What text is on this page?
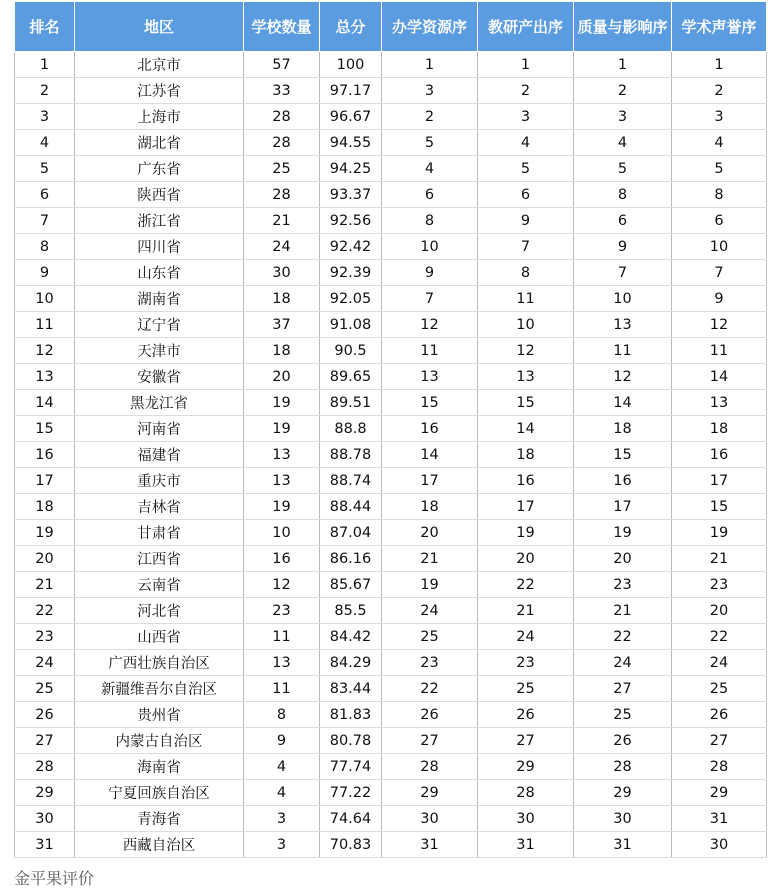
排名	地区	学校数量	总分	办学资源序	教研产出序	质量与影响序	学术声誉序
1	北京市	57	100	1	1	1	1
2	江苏省	33	97.17	3	2	2	2
3	上海市	28	96.67	2	3	3	3
4	湖北省	28	94.55	5	4	4	4
5	广东省	25	94.25	4	5	5	5
6	陕西省	28	93.37	6	6	8	8
7	浙江省	21	92.56	8	9	6	6
8	四川省	24	92.42	10	7	9	10
9	山东省	30	92.39	9	8	7	7
10	湖南省	18	92.05	7	11	10	9
11	辽宁省	37	91.08	12	10	13	12
12	天津市	18	90.5	11	12	11	11
13	安徽省	20	89.65	13	13	12	14
14	黑龙江省	19	89.51	15	15	14	13
15	河南省	19	88.8	16	14	18	18
16	福建省	13	88.78	14	18	15	16
17	重庆市	13	88.74	17	16	16	17
18	吉林省	19	88.44	18	17	17	15
19	甘肃省	10	87.04	20	19	19	19
20	江西省	16	86.16	21	20	20	21
21	云南省	12	85.67	19	22	23	23
22	河北省	23	85.5	24	21	21	20
23	山西省	11	84.42	25	24	22	22
24	广西壮族自治区	13	84.29	23	23	24	24
25	新疆维吾尔自治区	11	83.44	22	25	27	25
26	贵州省	8	81.83	26	26	25	26
27	内蒙古自治区	9	80.78	27	27	26	27
28	海南省	4	77.74	28	29	28	28
29	宁夏回族自治区	4	77.22	29	28	29	29
30	青海省	3	74.64	30	30	30	31
31	西藏自治区	3	70.83	31	31	31	30
金平果评价
